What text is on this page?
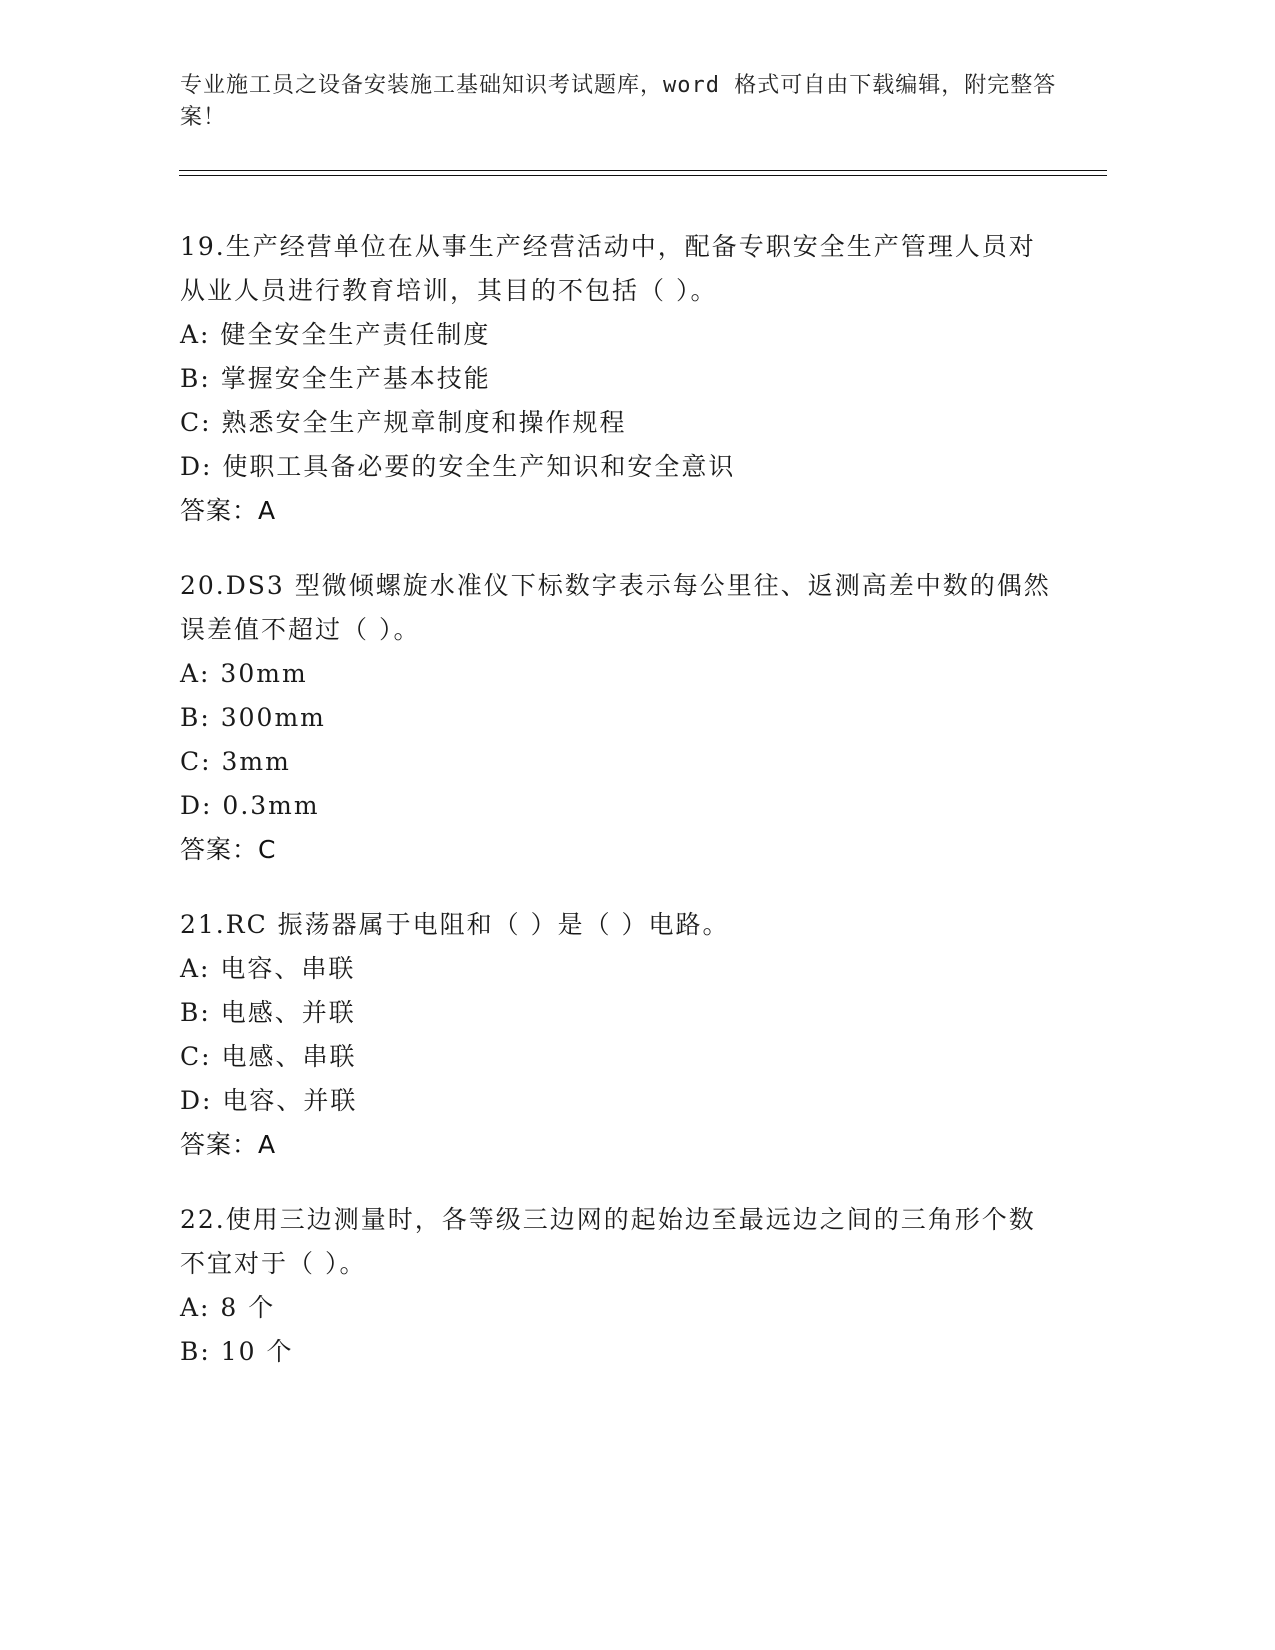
专业施工员之设备安装施工基础知识考试题库，word 格式可自由下载编辑，附完整答案！
19.生产经营单位在从事生产经营活动中，配备专职安全生产管理人员对从业人员进行教育培训，其目的不包括（ ）。
A: 健全安全生产责任制度
B: 掌握安全生产基本技能
C: 熟悉安全生产规章制度和操作规程
D: 使职工具备必要的安全生产知识和安全意识
答案：A
20.DS3 型微倾螺旋水准仪下标数字表示每公里往、返测高差中数的偶然误差值不超过（ ）。
A: 30mm
B: 300mm
C: 3mm
D: 0.3mm
答案：C
21.RC 振荡器属于电阻和（ ）是（ ）电路。
A: 电容、串联
B: 电感、并联
C: 电感、串联
D: 电容、并联
答案：A
22.使用三边测量时，各等级三边网的起始边至最远边之间的三角形个数不宜对于（ ）。
A: 8 个
B: 10 个
